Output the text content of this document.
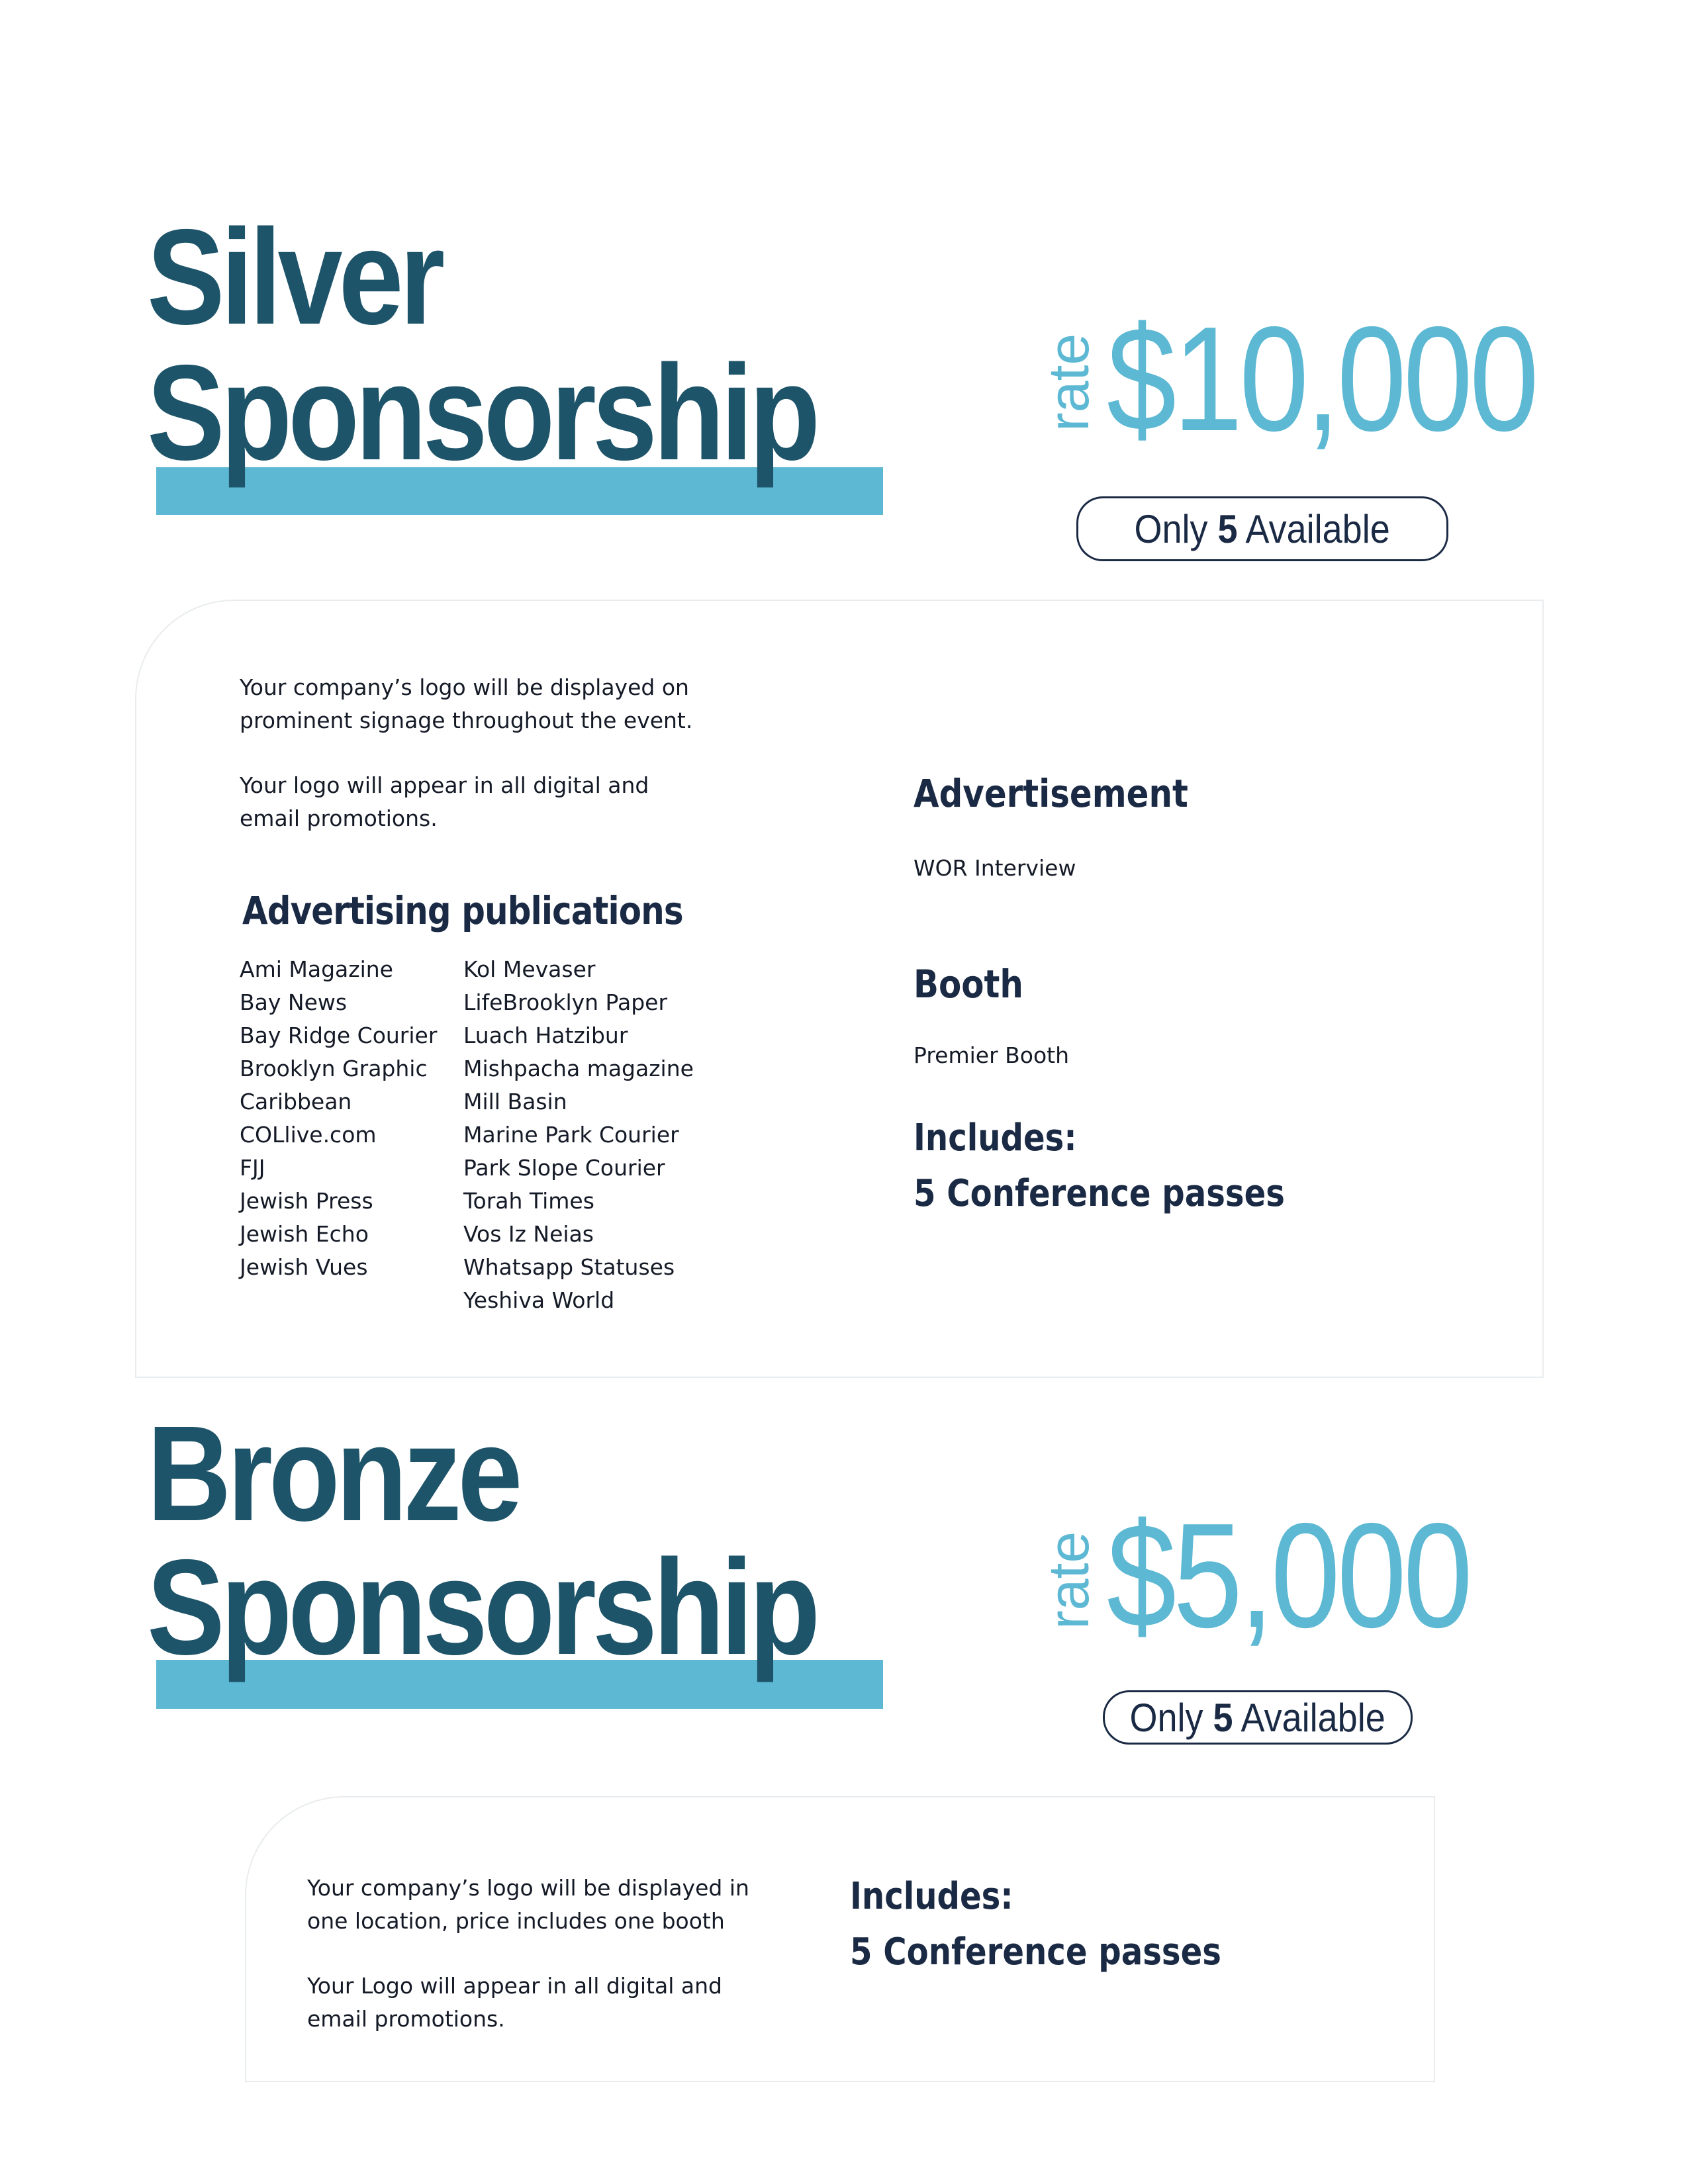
Silver
Sponsorship	rate $10,000
Only 5 Available

Your company’s logo will be displayed on

prominent signage throughout the event.

Your logo will appear in all digital and

email promotions.

Advertising publications
Ami Magazine
Bay News
Bay Ridge Courier
Brooklyn Graphic
Caribbean
COLlive.com
FJJ
Jewish Press
Jewish Echo
Jewish Vues
Kol Mevaser
LifeBrooklyn Paper
Luach Hatzibur
Mishpacha magazine
Mill Basin
Marine Park Courier
Park Slope Courier
Torah Times
Vos Iz Neias
Whatsapp Statuses
Yeshiva World
Advertisement
WOR Interview
Booth
Premier Booth
Includes:
5 Conference passes
Bronze
Sponsorship	rate $5,000
Only 5 Available

Your company’s logo will be displayed in

one location, price includes one booth

Your Logo will appear in all digital and

email promotions.

Includes:
5 Conference passes
